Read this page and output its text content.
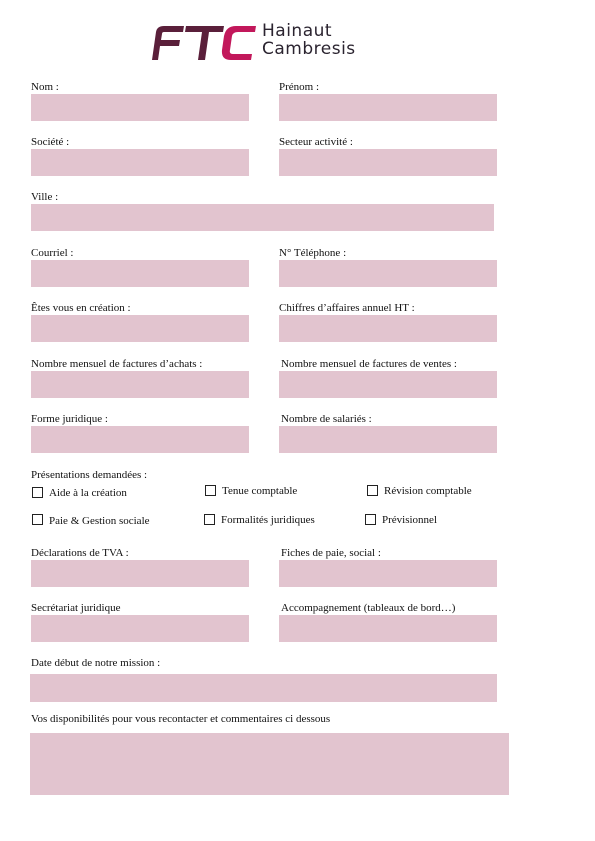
Hainaut
Cambresis
Nom :	Prénom :
Société :	Secteur activité :
Ville :
Courriel :	N° Téléphone :
Êtes vous en création :	Chiffres d’affaires annuel HT :
Nombre mensuel de factures d’achats :	Nombre mensuel de factures de ventes :
Forme juridique :	Nombre de salariés :
Présentations demandées :
Aide à la création	Tenue comptable	Révision comptable
Paie & Gestion sociale	Formalités juridiques	Prévisionnel
Déclarations de TVA :	Fiches de paie, social :
Secrétariat juridique	Accompagnement (tableaux de bord…)
Date début de notre mission :
Vos disponibilités pour vous recontacter et commentaires ci dessous
